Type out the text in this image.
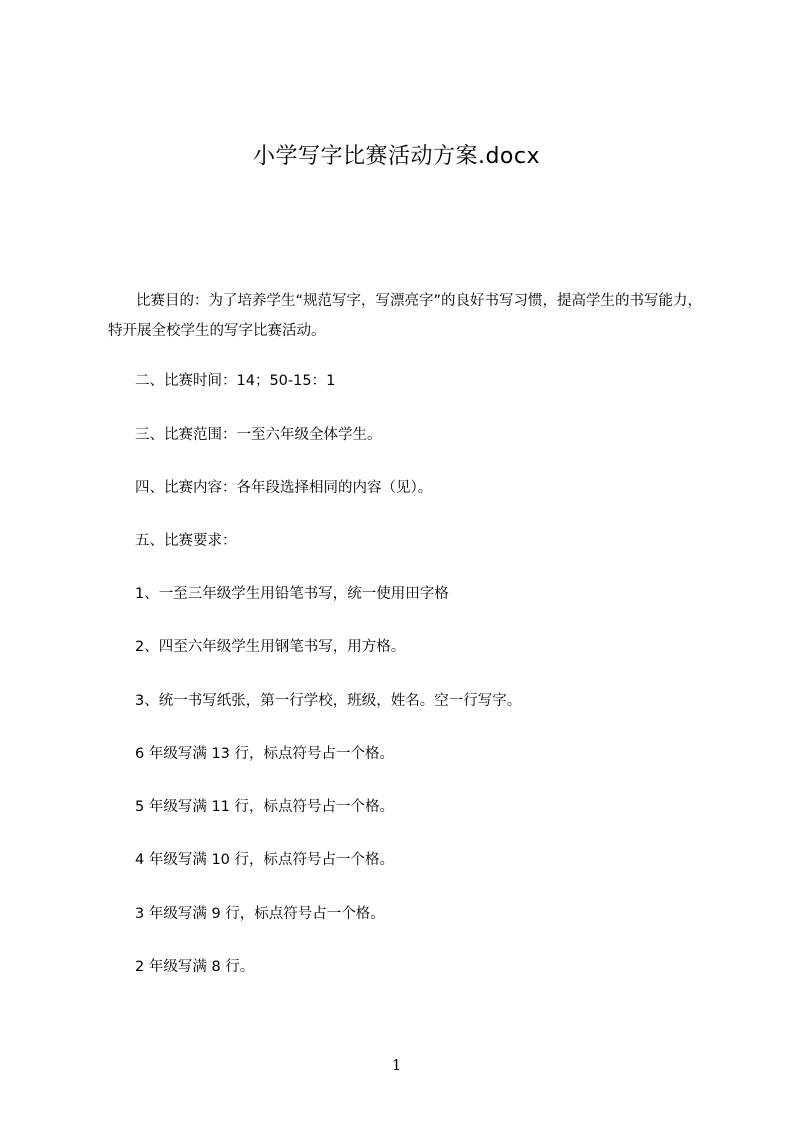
小学写字比赛活动方案.docx
比赛目的：为了培养学生“规范写字，写漂亮字”的良好书写习惯，提高学生的书写能力，特开展全校学生的写字比赛活动。
二、比赛时间：14；50-15：1
三、比赛范围：一至六年级全体学生。
四、比赛内容：各年段选择相同的内容（见）。
五、比赛要求：
1、一至三年级学生用铅笔书写，统一使用田字格
2、四至六年级学生用钢笔书写，用方格。
3、统一书写纸张，第一行学校，班级，姓名。空一行写字。
6 年级写满 13 行，标点符号占一个格。
5 年级写满 11 行，标点符号占一个格。
4 年级写满 10 行，标点符号占一个格。
3 年级写满 9 行，标点符号占一个格。
2 年级写满 8 行。
1
